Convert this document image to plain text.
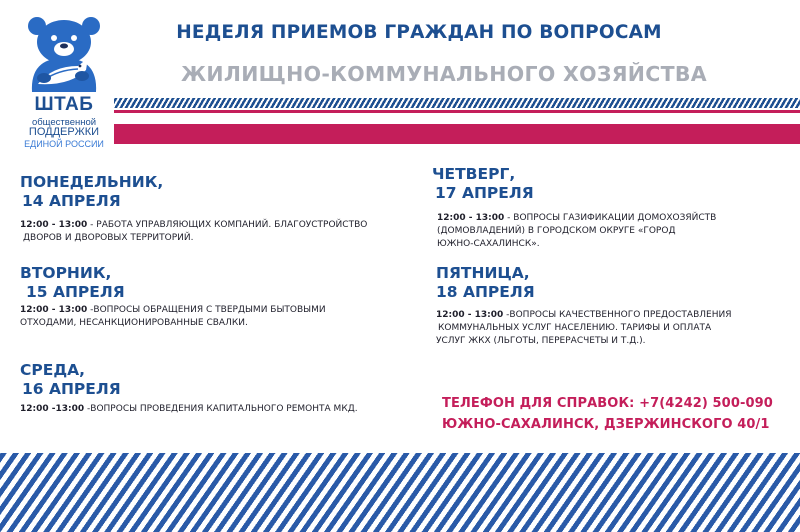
ШТАБ
общественной
ПОДДЕРЖКИ
ЕДИНОЙ РОССИИ
НЕДЕЛЯ ПРИЕМОВ ГРАЖДАН ПО ВОПРОСАМ
ЖИЛИЩНО-КОММУНАЛЬНОГО ХОЗЯЙСТВА
ПОНЕДЕЛЬНИК,
14 АПРЕЛЯ
12:00 - 13:00 - РАБОТА УПРАВЛЯЮЩИХ КОМПАНИЙ. БЛАГОУСТРОЙСТВО
ДВОРОВ И ДВОРОВЫХ ТЕРРИТОРИЙ.
ВТОРНИК,
15 АПРЕЛЯ
12:00 - 13:00 -ВОПРОСЫ ОБРАЩЕНИЯ С ТВЕРДЫМИ БЫТОВЫМИ
ОТХОДАМИ, НЕСАНКЦИОНИРОВАННЫЕ СВАЛКИ.
СРЕДА,
16 АПРЕЛЯ
12:00 -13:00 -ВОПРОСЫ ПРОВЕДЕНИЯ КАПИТАЛЬНОГО РЕМОНТА МКД.
ЧЕТВЕРГ,
17 АПРЕЛЯ
12:00 - 13:00 - ВОПРОСЫ ГАЗИФИКАЦИИ ДОМОХОЗЯЙСТВ
(ДОМОВЛАДЕНИЙ) В ГОРОДСКОМ ОКРУГЕ «ГОРОД
ЮЖНО-САХАЛИНСК».
ПЯТНИЦА,
18 АПРЕЛЯ
12:00 - 13:00 -ВОПРОСЫ КАЧЕСТВЕННОГО ПРЕДОСТАВЛЕНИЯ
КОММУНАЛЬНЫХ УСЛУГ НАСЕЛЕНИЮ. ТАРИФЫ И ОПЛАТА
УСЛУГ ЖКХ (ЛЬГОТЫ, ПЕРЕРАСЧЕТЫ И Т.Д.).
ТЕЛЕФОН ДЛЯ СПРАВОК: +7(4242) 500-090
ЮЖНО-САХАЛИНСК, ДЗЕРЖИНСКОГО 40/1
